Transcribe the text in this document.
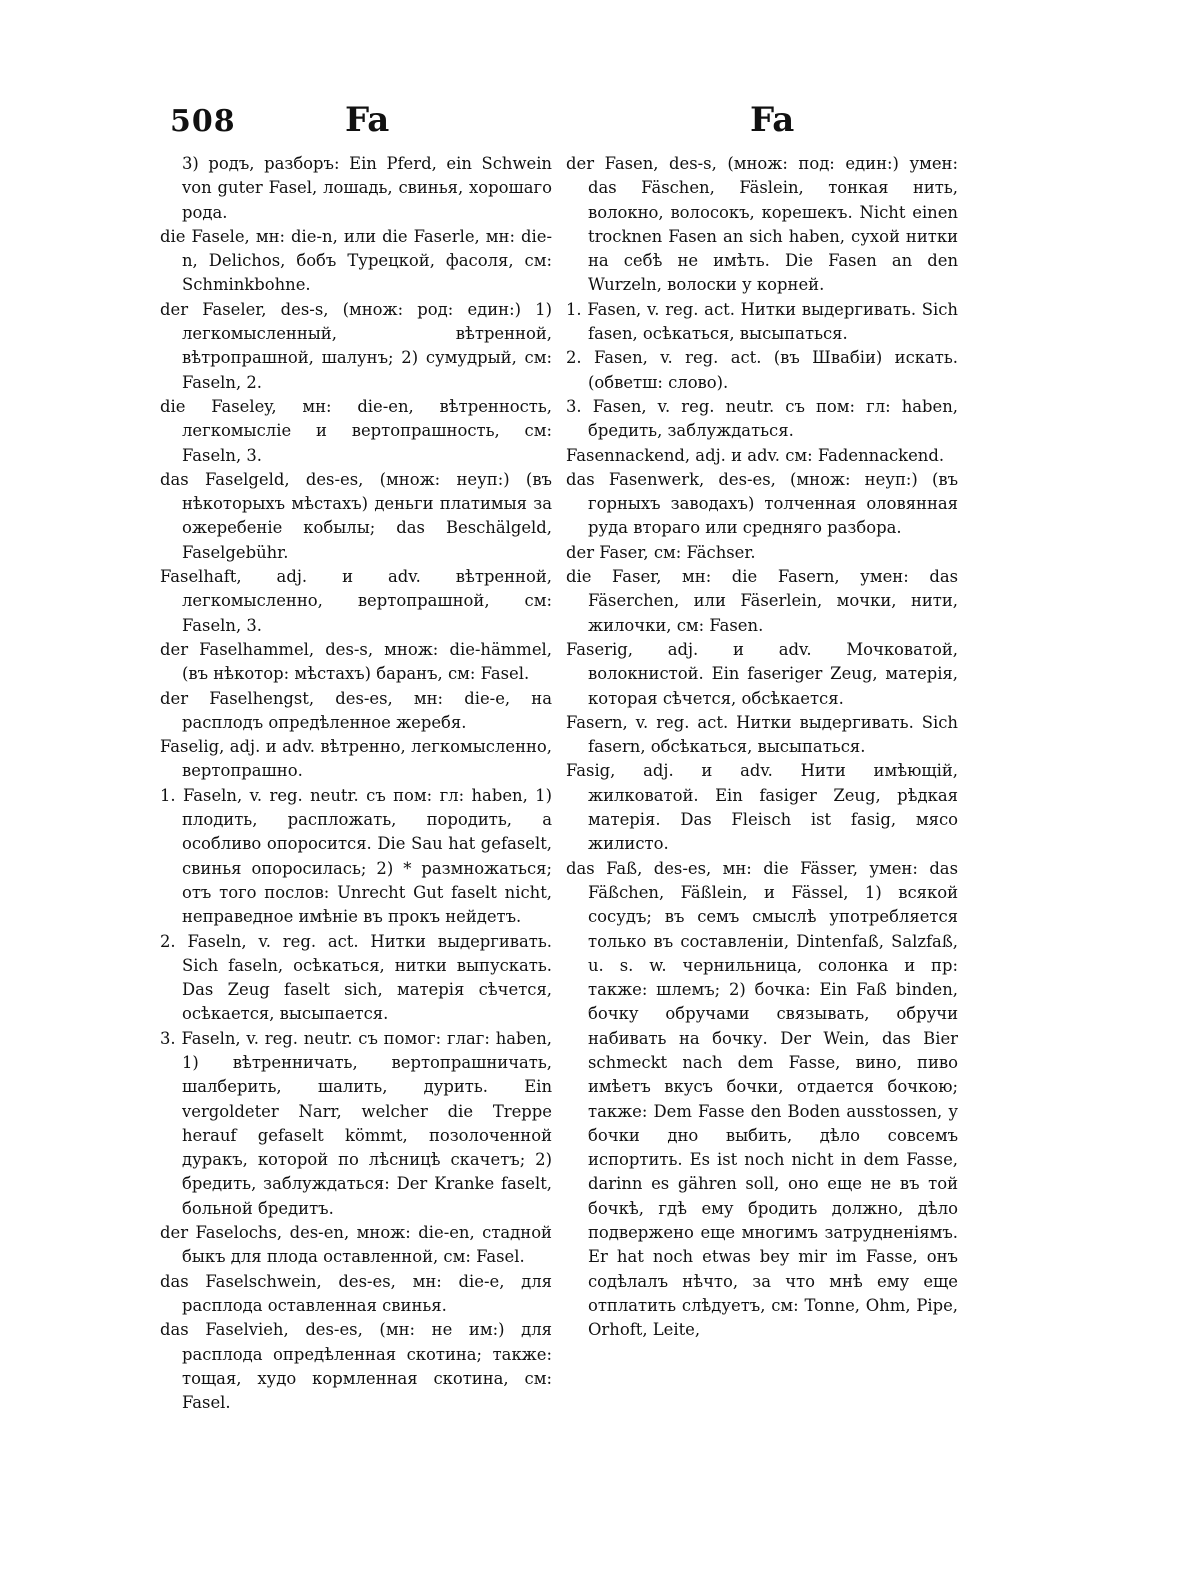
508	Fa	Fa

3) родъ, разборъ: Ein Pferd, ein Schwein von guter Fasel, лошадь, свинья, хорошаго рода.

die Fasele, мн: die-n, или die Faserle, мн: die-n, Delichos, бобъ Турецкой, фасоля, см: Schminkbohne.

der Faseler, des-s, (множ: род: един:) 1) легкомысленный, вѣтренной, вѣтропрашной, шалунъ; 2) сумудрый, см: Faseln, 2.

die Faseley, мн: die-en, вѣтренность, легкомысліе и вертопрашность, см: Faseln, 3.

das Faselgeld, des-es, (множ: неуп:) (въ нѣкоторыхъ мѣстахъ) деньги платимыя за ожеребеніе кобылы; das Beschälgeld, Faselgebühr.

Faselhaft, adj. и adv. вѣтренной, легкомысленно, вертопрашной, см: Faseln, 3.

der Faselhammel, des-s, множ: die-hämmel, (въ нѣкотор: мѣстахъ) баранъ, см: Fasel.

der Faselhengst, des-es, мн: die-e, на расплодъ опредѣленное жеребя.

Faselig, adj. и adv. вѣтренно, легкомысленно, вертопрашно.

1. Faseln, v. reg. neutr. съ пом: гл: haben, 1) плодить, распложать, породить, а особливо опоросится. Die Sau hat gefaselt, свинья опоросилась; 2) * размножаться; отъ того послов: Unrecht Gut faselt nicht, неправедное имѣніе въ прокъ нейдетъ.

2. Faseln, v. reg. act. Нитки выдергивать. Sich faseln, осѣкаться, нитки выпускать. Das Zeug faselt sich, матерія сѣчется, осѣкается, высыпается.

3. Faseln, v. reg. neutr. съ помог: глаг: haben, 1) вѣтренничать, вертопрашничать, шалберить, шалить, дурить. Ein vergoldeter Narr, welcher die Treppe herauf gefaselt kömmt, позолоченной дуракъ, которой по лѣсницѣ скачетъ; 2) бредить, заблуждаться: Der Kranke faselt, больной бредитъ.

der Faselochs, des-en, множ: die-en, стадной быкъ для плода оставленной, см: Fasel.

das Faselschwein, des-es, мн: die-e, для расплода оставленная свинья.

das Faselvieh, des-es, (мн: не им:) для расплода опредѣленная скотина; также: тощая, худо кормленная скотина, см: Fasel.

der Fasen, des-s, (множ: под: един:) умен: das Fäschen, Fäslein, тонкая нить, волокно, волосокъ, корешекъ. Nicht einen trocknen Fasen an sich haben, сухой нитки на себѣ не имѣть. Die Fasen an den Wurzeln, волоски у корней.

1. Fasen, v. reg. act. Нитки выдергивать. Sich fasen, осѣкаться, высыпаться.

2. Fasen, v. reg. act. (въ Швабіи) искать. (обветш: слово).

3. Fasen, v. reg. neutr. съ пом: гл: haben, бредить, заблуждаться.

Fasennackend, adj. и adv. см: Fadennackend.

das Fasenwerk, des-es, (множ: неуп:) (въ горныхъ заводахъ) толченная оловянная руда втораго или средняго разбора.

der Faser, см: Fächser.

die Faser, мн: die Fasern, умен: das Fäserchen, или Fäserlein, мочки, нити, жилочки, см: Fasen.

Faserig, adj. и adv. Мочковатой, волокнистой. Ein faseriger Zeug, матерія, которая сѣчется, обсѣкается.

Fasern, v. reg. act. Нитки выдергивать. Sich fasern, обсѣкаться, высыпаться.

Fasig, adj. и adv. Нити имѣющій, жилковатой. Ein fasiger Zeug, рѣдкая матерія. Das Fleisch ist fasig, мясо жилисто.

das Faß, des-es, мн: die Fässer, умен: das Fäßchen, Fäßlein, и Fässel, 1) всякой сосудъ; въ семъ смыслѣ употребляется только въ составленіи, Dintenfaß, Salzfaß, u. s. w. чернильница, солонка и пр: также: шлемъ; 2) бочка: Ein Faß binden, бочку обручами связывать, обручи набивать на бочку. Der Wein, das Bier schmeckt nach dem Fasse, вино, пиво имѣетъ вкусъ бочки, отдается бочкою; также: Dem Fasse den Boden ausstossen, у бочки дно выбить, дѣло совсемъ испортить. Es ist noch nicht in dem Fasse, darinn es gähren soll, оно еще не въ той бочкѣ, гдѣ ему бродить должно, дѣло подвержено еще многимъ затрудненіямъ. Er hat noch etwas bey mir im Fasse, онъ содѣлалъ нѣчто, за что мнѣ ему еще отплатить слѣдуетъ, см: Tonne, Ohm, Pipe, Orhoft, Leite,
